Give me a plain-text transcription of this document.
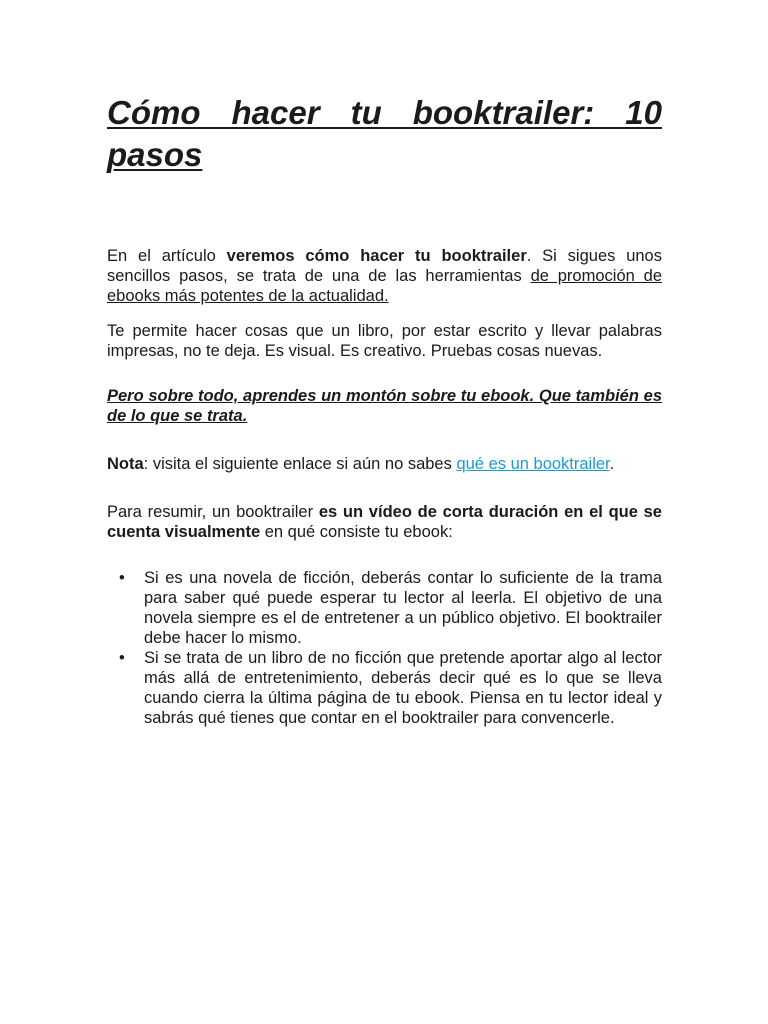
Cómo hacer tu booktrailer: 10 pasos

En el artículo veremos cómo hacer tu booktrailer. Si sigues unos sencillos pasos, se trata de una de las herramientas de promoción de ebooks más potentes de la actualidad.

Te permite hacer cosas que un libro, por estar escrito y llevar palabras impresas, no te deja. Es visual. Es creativo. Pruebas cosas nuevas.

Pero sobre todo, aprendes un montón sobre tu ebook. Que también es de lo que se trata.

Nota: visita el siguiente enlace si aún no sabes qué es un booktrailer.

Para resumir, un booktrailer es un vídeo de corta duración en el que se cuenta visualmente en qué consiste tu ebook:

• Si es una novela de ficción, deberás contar lo suficiente de la trama para saber qué puede esperar tu lector al leerla. El objetivo de una novela siempre es el de entretener a un público objetivo. El booktrailer debe hacer lo mismo.
• Si se trata de un libro de no ficción que pretende aportar algo al lector más allá de entretenimiento, deberás decir qué es lo que se lleva cuando cierra la última página de tu ebook. Piensa en tu lector ideal y sabrás qué tienes que contar en el booktrailer para convencerle.
